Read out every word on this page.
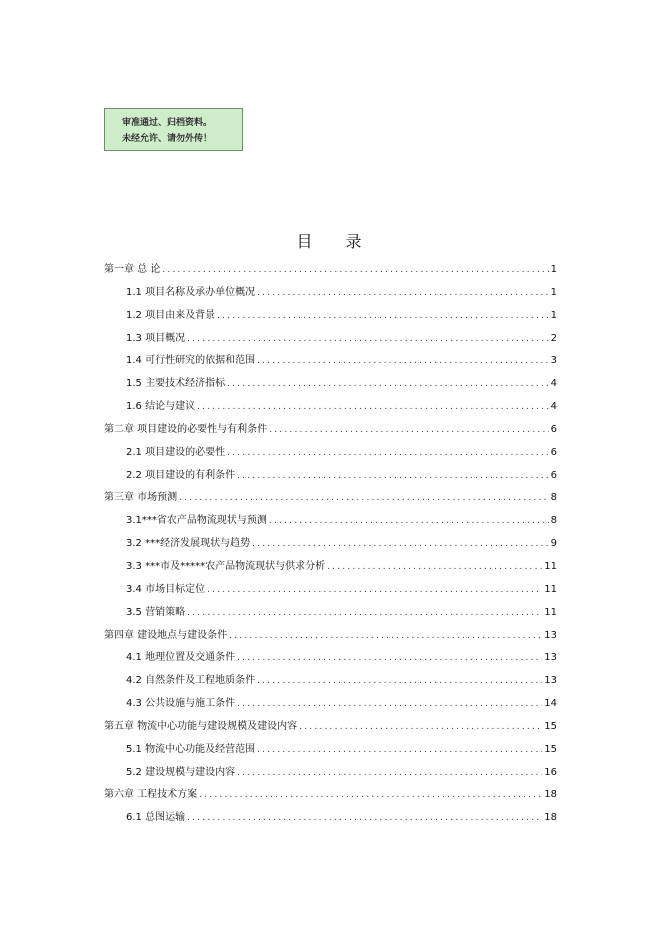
审准通过、归档资料。
未经允许、请勿外传！
目 录
第一章 总 论 .....	1
1.1 项目名称及承办单位概况 .....	1
1.2 项目由来及背景 .....	1
1.3 项目概况 .....	2
1.4 可行性研究的依据和范围 .....	3
1.5 主要技术经济指标 .....	4
1.6 结论与建议 .....	4
第二章 项目建设的必要性与有利条件 .....	6
2.1 项目建设的必要性 .....	6
2.2 项目建设的有利条件 .....	6
第三章 市场预测 .....	8
3.1***省农产品物流现状与预测 .....	8
3.2 ***经济发展现状与趋势 .....	9
3.3 ***市及*****农产品物流现状与供求分析 .....	11
3.4 市场目标定位 .....	11
3.5 营销策略 .....	11
第四章 建设地点与建设条件 .....	13
4.1 地理位置及交通条件 .....	13
4.2 自然条件及工程地质条件 .....	13
4.3 公共设施与施工条件 .....	14
第五章 物流中心功能与建设规模及建设内容 .....	15
5.1 物流中心功能及经营范围 .....	15
5.2 建设规模与建设内容 .....	16
第六章 工程技术方案 .....	18
6.1 总图运输 .....	18
